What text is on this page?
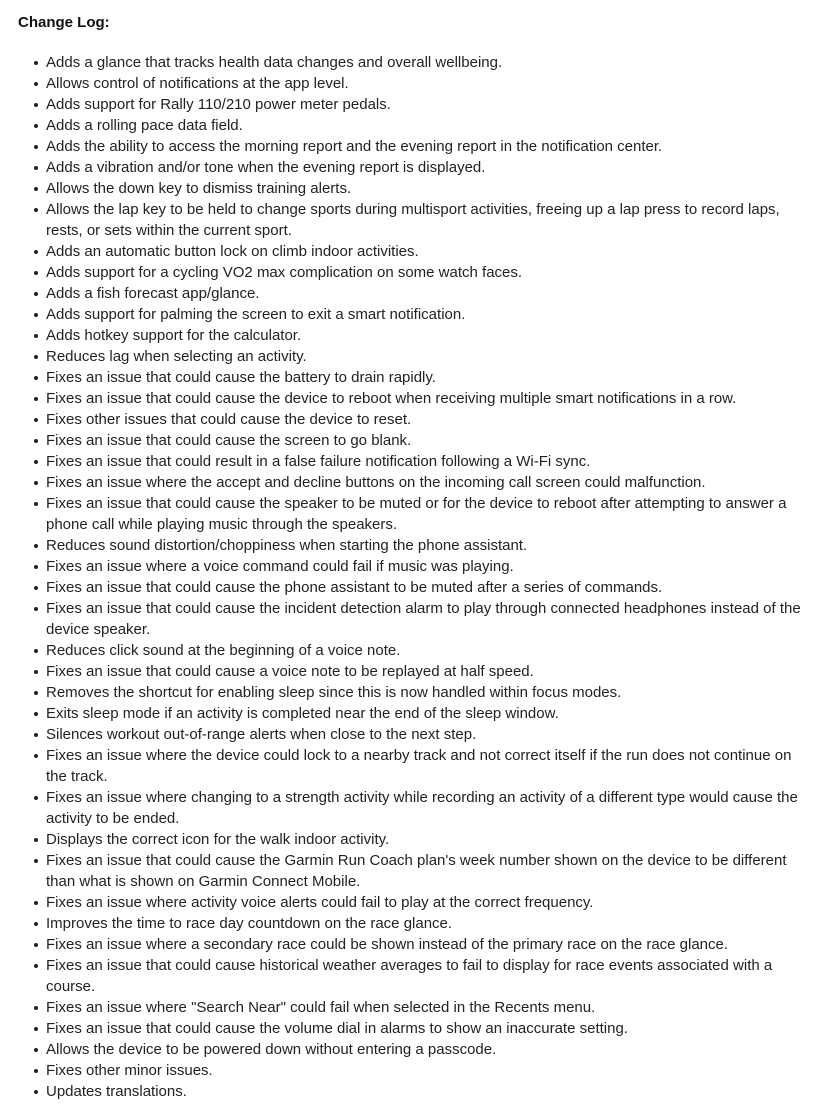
Change Log:
Adds a glance that tracks health data changes and overall wellbeing.
Allows control of notifications at the app level.
Adds support for Rally 110/210 power meter pedals.
Adds a rolling pace data field.
Adds the ability to access the morning report and the evening report in the notification center.
Adds a vibration and/or tone when the evening report is displayed.
Allows the down key to dismiss training alerts.
Allows the lap key to be held to change sports during multisport activities, freeing up a lap press to record laps, rests, or sets within the current sport.
Adds an automatic button lock on climb indoor activities.
Adds support for a cycling VO2 max complication on some watch faces.
Adds a fish forecast app/glance.
Adds support for palming the screen to exit a smart notification.
Adds hotkey support for the calculator.
Reduces lag when selecting an activity.
Fixes an issue that could cause the battery to drain rapidly.
Fixes an issue that could cause the device to reboot when receiving multiple smart notifications in a row.
Fixes other issues that could cause the device to reset.
Fixes an issue that could cause the screen to go blank.
Fixes an issue that could result in a false failure notification following a Wi-Fi sync.
Fixes an issue where the accept and decline buttons on the incoming call screen could malfunction.
Fixes an issue that could cause the speaker to be muted or for the device to reboot after attempting to answer a phone call while playing music through the speakers.
Reduces sound distortion/choppiness when starting the phone assistant.
Fixes an issue where a voice command could fail if music was playing.
Fixes an issue that could cause the phone assistant to be muted after a series of commands.
Fixes an issue that could cause the incident detection alarm to play through connected headphones instead of the device speaker.
Reduces click sound at the beginning of a voice note.
Fixes an issue that could cause a voice note to be replayed at half speed.
Removes the shortcut for enabling sleep since this is now handled within focus modes.
Exits sleep mode if an activity is completed near the end of the sleep window.
Silences workout out-of-range alerts when close to the next step.
Fixes an issue where the device could lock to a nearby track and not correct itself if the run does not continue on the track.
Fixes an issue where changing to a strength activity while recording an activity of a different type would cause the activity to be ended.
Displays the correct icon for the walk indoor activity.
Fixes an issue that could cause the Garmin Run Coach plan's week number shown on the device to be different than what is shown on Garmin Connect Mobile.
Fixes an issue where activity voice alerts could fail to play at the correct frequency.
Improves the time to race day countdown on the race glance.
Fixes an issue where a secondary race could be shown instead of the primary race on the race glance.
Fixes an issue that could cause historical weather averages to fail to display for race events associated with a course.
Fixes an issue where "Search Near" could fail when selected in the Recents menu.
Fixes an issue that could cause the volume dial in alarms to show an inaccurate setting.
Allows the device to be powered down without entering a passcode.
Fixes other minor issues.
Updates translations.
